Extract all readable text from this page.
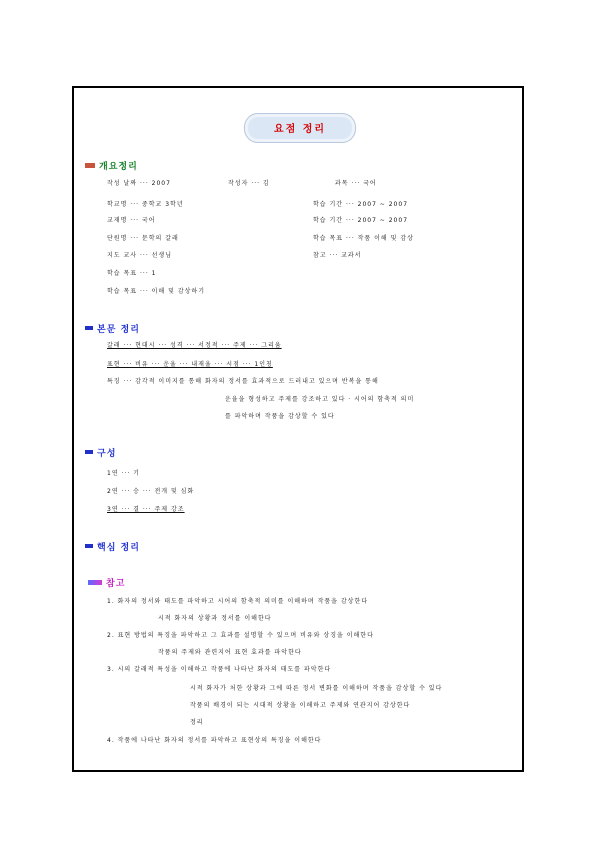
요점 정리
개요정리
작성 날짜 ··· 2007	작성자 ··· 김	과목 ··· 국어
학교명 ··· 중학교 3학년
교재명 ··· 국어
단원명 ··· 문학의 갈래
지도 교사 ··· 선생님
학습 목표 ··· 1
학습 목표 ··· 이해 및 감상하기
학습 기간 ··· 2007 ~ 2007
학습 기간 ··· 2007 ~ 2007
학습 목표 ··· 작품 이해 및 감상
참고 ··· 교과서
본문 정리
갈래 ··· 현대시 ··· 성격 ··· 서정적 ··· 주제 ··· 그리움
표현 ··· 비유 ··· 운율 ··· 내재율 ··· 시점 ··· 1인칭
특징 ··· 감각적 이미지를 통해 화자의 정서를 효과적으로 드러내고 있으며 반복을 통해
운율을 형성하고 주제를 강조하고 있다 · 시어의 함축적 의미
를 파악하며 작품을 감상할 수 있다
구성
1연 ··· 기
2연 ··· 승 ··· 전개 및 심화
3연 ··· 결 ··· 주제 강조
핵심 정리
참고
1. 화자의 정서와 태도를 파악하고 시어의 함축적 의미를 이해하며 작품을 감상한다
시적 화자의 상황과 정서를 이해한다
2. 표현 방법의 특징을 파악하고 그 효과를 설명할 수 있으며 비유와 상징을 이해한다
작품의 주제와 관련지어 표현 효과를 파악한다
3. 시의 갈래적 특성을 이해하고 작품에 나타난 화자의 태도를 파악한다
시적 화자가 처한 상황과 그에 따른 정서 변화를 이해하며 작품을 감상할 수 있다
작품의 배경이 되는 시대적 상황을 이해하고 주제와 연관지어 감상한다
정리
4. 작품에 나타난 화자의 정서를 파악하고 표현상의 특징을 이해한다
